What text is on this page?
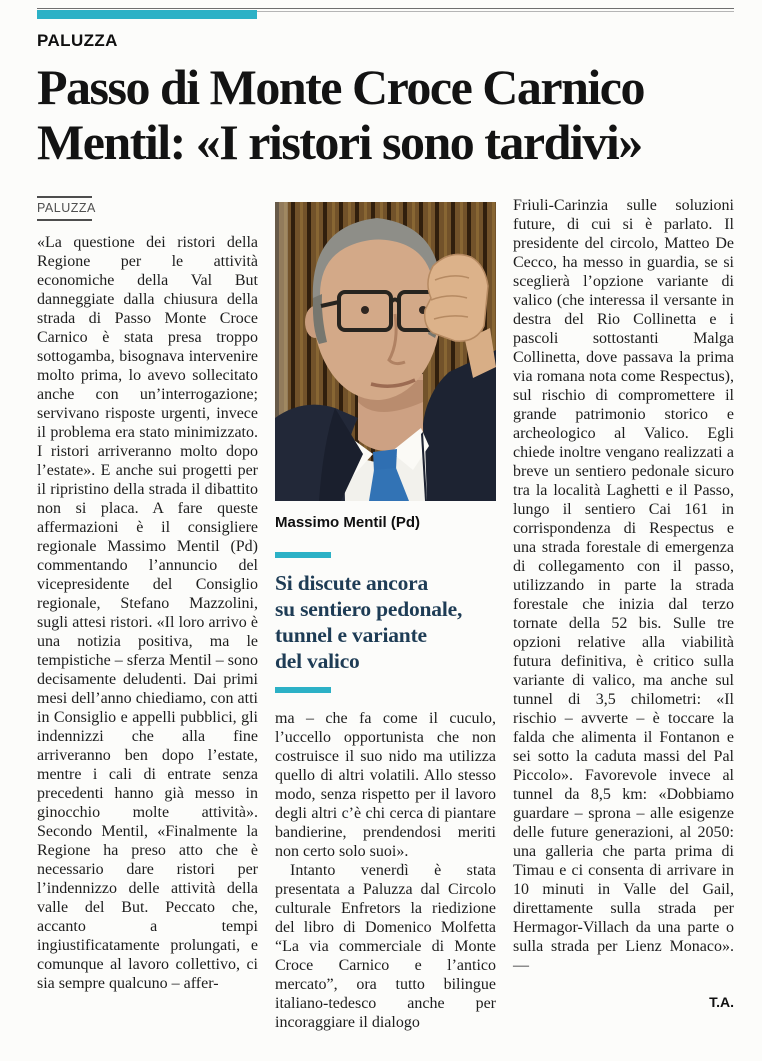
PALUZZA
Passo di Monte Croce Carnico
Mentil: «I ristori sono tardivi»
PALUZZA

«La questione dei ristori della Regione per le attività economiche della Val But danneggiate dalla chiusura della strada di Passo Monte Croce Carnico è stata presa troppo sottogamba, bisognava intervenire molto prima, lo avevo sollecitato anche con un’interrogazione; servivano risposte urgenti, invece il problema era stato minimizzato. I ristori arriveranno molto dopo l’estate». E anche sui progetti per il ripristino della strada il dibattito non si placa. A fare queste affermazioni è il consigliere regionale Massimo Mentil (Pd) commentando l’annuncio del vicepresidente del Consiglio regionale, Stefano Mazzolini, sugli attesi ristori. «Il loro arrivo è una notizia positiva, ma le tempistiche – sferza Mentil – sono decisamente deludenti. Dai primi mesi dell’anno chiediamo, con atti in Consiglio e appelli pubblici, gli indennizzi che alla fine arriveranno ben dopo l’estate, mentre i cali di entrate senza precedenti hanno già messo in ginocchio molte attività». Secondo Mentil, «Finalmente la Regione ha preso atto che è necessario dare ristori per l’indennizzo delle attività della valle del But. Peccato che, accanto a tempi ingiustificatamente prolungati, e comunque al lavoro collettivo, ci sia sempre qualcuno – affer-

Massimo Mentil (Pd)
Si discute ancora
su sentiero pedonale,
tunnel e variante
del valico

ma – che fa come il cuculo, l’uccello opportunista che non costruisce il suo nido ma utilizza quello di altri volatili. Allo stesso modo, senza rispetto per il lavoro degli altri c’è chi cerca di piantare bandierine, prendendosi meriti non certo solo suoi».

Intanto venerdì è stata presentata a Paluzza dal Circolo culturale Enfretors la riedizione del libro di Domenico Molfetta “La via commerciale di Monte Croce Carnico e l’antico mercato”, ora tutto bilingue italiano-tedesco anche per incoraggiare il dialogo

Friuli-Carinzia sulle soluzioni future, di cui si è parlato. Il presidente del circolo, Matteo De Cecco, ha messo in guardia, se si sceglierà l’opzione variante di valico (che interessa il versante in destra del Rio Collinetta e i pascoli sottostanti Malga Collinetta, dove passava la prima via romana nota come Respectus), sul rischio di compromettere il grande patrimonio storico e archeologico al Valico. Egli chiede inoltre vengano realizzati a breve un sentiero pedonale sicuro tra la località Laghetti e il Passo, lungo il sentiero Cai 161 in corrispondenza di Respectus e una strada forestale di emergenza di collegamento con il passo, utilizzando in parte la strada forestale che inizia dal terzo tornate della 52 bis. Sulle tre opzioni relative alla viabilità futura definitiva, è critico sulla variante di valico, ma anche sul tunnel di 3,5 chilometri: «Il rischio – avverte – è toccare la falda che alimenta il Fontanon e sei sotto la caduta massi del Pal Piccolo». Favorevole invece al tunnel da 8,5 km: «Dobbiamo guardare – sprona – alle esigenze delle future generazioni, al 2050: una galleria che parta prima di Timau e ci consenta di arrivare in 10 minuti in Valle del Gail, direttamente sulla strada per Hermagor-Villach da una parte o sulla strada per Lienz Monaco». —

T.A.
